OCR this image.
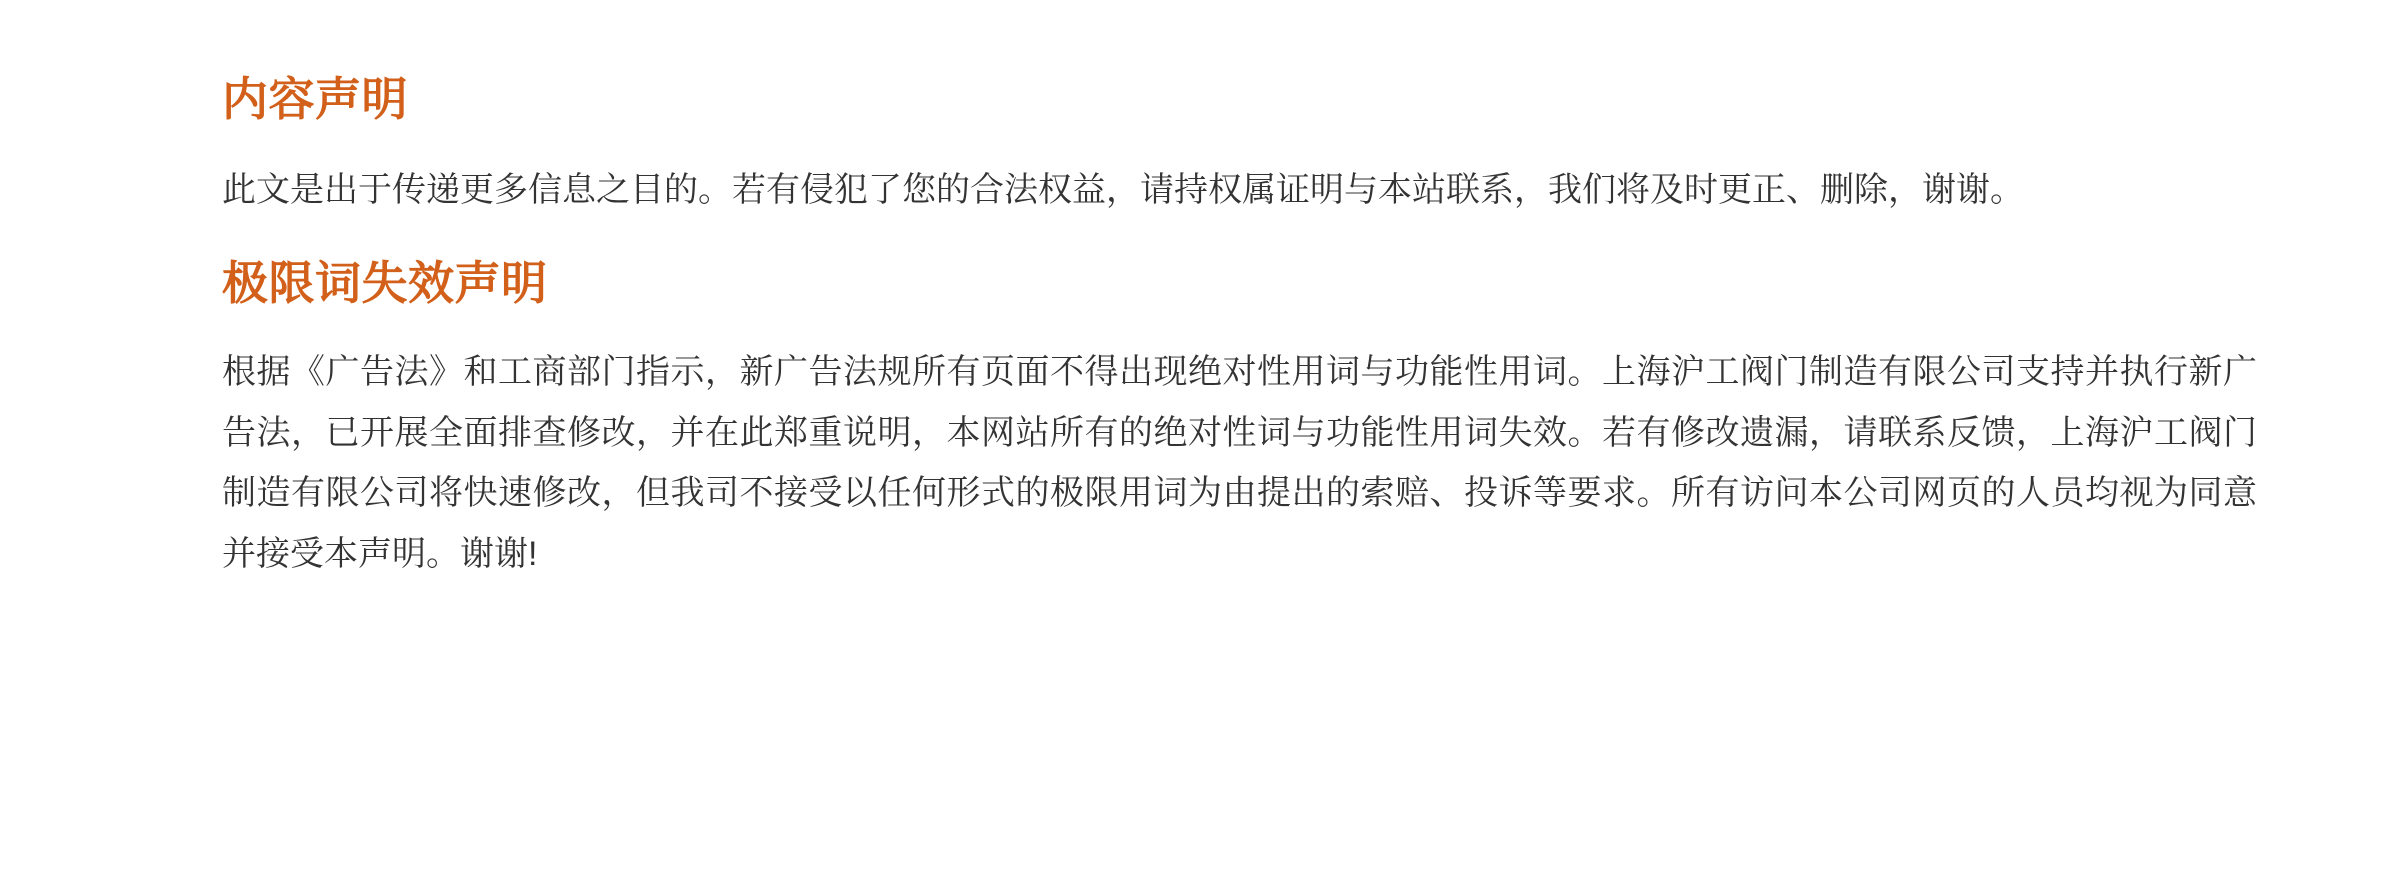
内容声明

此文是出于传递更多信息之目的。若有侵犯了您的合法权益，请持权属证明与本站联系，我们将及时更正、删除，谢谢。

极限词失效声明

根据《广告法》和工商部门指示，新广告法规所有页面不得出现绝对性用词与功能性用词。上海沪工阀门制造有限公司支持并执行新广告法，已开展全面排查修改，并在此郑重说明，本网站所有的绝对性词与功能性用词失效。若有修改遗漏，请联系反馈，上海沪工阀门制造有限公司将快速修改，但我司不接受以任何形式的极限用词为由提出的索赔、投诉等要求。所有访问本公司网页的人员均视为同意并接受本声明。谢谢!
